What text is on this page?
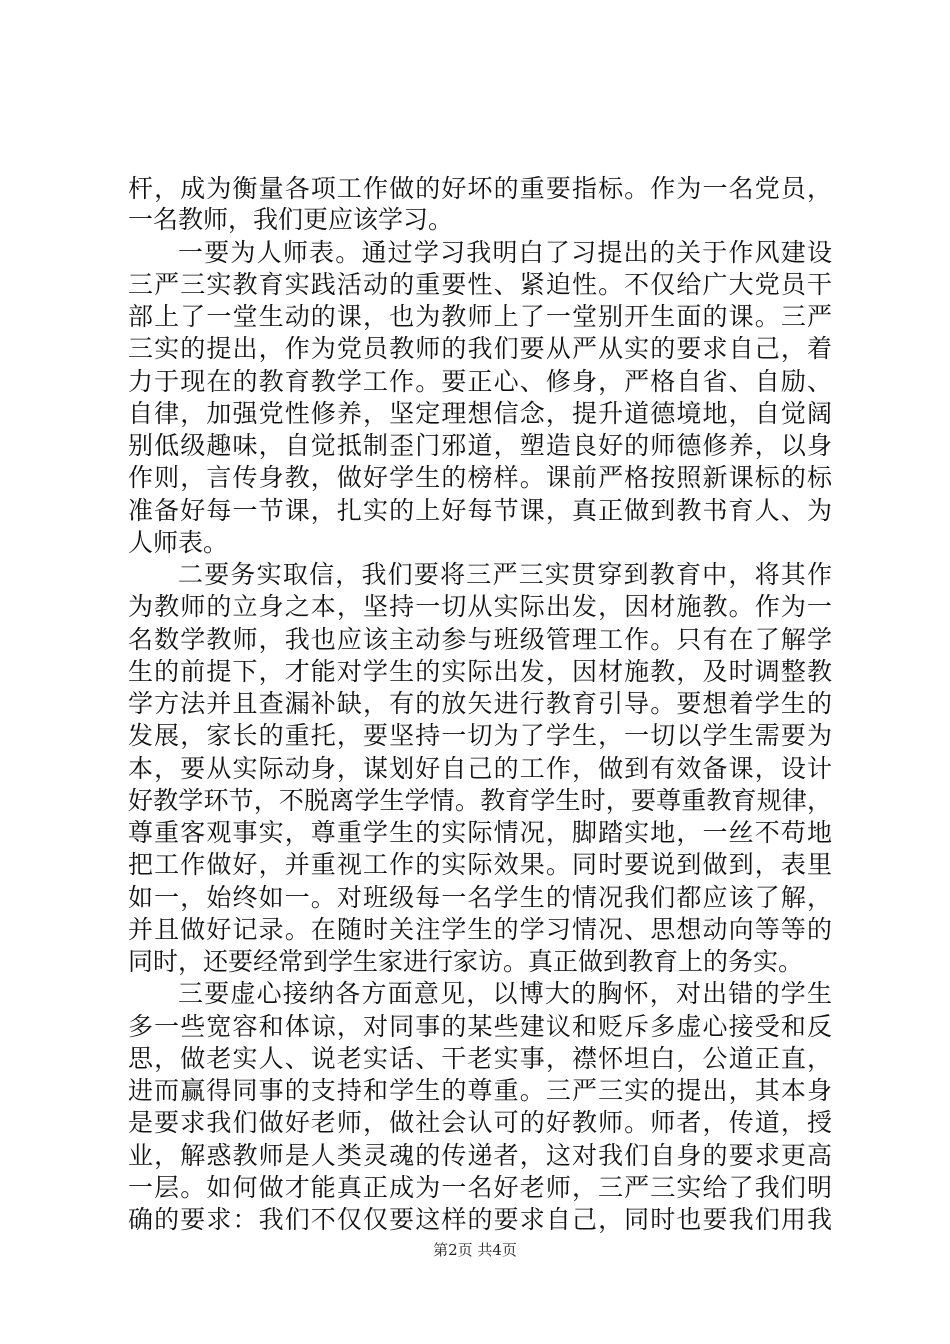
杆，成为衡量各项工作做的好坏的重要指标。作为一名党员，

一名教师，我们更应该学习。

一要为人师表。通过学习我明白了习提出的关于作风建设

三严三实教育实践活动的重要性、紧迫性。不仅给广大党员干

部上了一堂生动的课，也为教师上了一堂别开生面的课。三严

三实的提出，作为党员教师的我们要从严从实的要求自己，着

力于现在的教育教学工作。要正心、修身，严格自省、自励、

自律，加强党性修养，坚定理想信念，提升道德境地，自觉阔

别低级趣味，自觉抵制歪门邪道，塑造良好的师德修养，以身

作则，言传身教，做好学生的榜样。课前严格按照新课标的标

准备好每一节课，扎实的上好每节课，真正做到教书育人、为

人师表。

二要务实取信，我们要将三严三实贯穿到教育中，将其作

为教师的立身之本，坚持一切从实际出发，因材施教。作为一

名数学教师，我也应该主动参与班级管理工作。只有在了解学

生的前提下，才能对学生的实际出发，因材施教，及时调整教

学方法并且查漏补缺，有的放矢进行教育引导。要想着学生的

发展，家长的重托，要坚持一切为了学生，一切以学生需要为

本，要从实际动身，谋划好自己的工作，做到有效备课，设计

好教学环节，不脱离学生学情。教育学生时，要尊重教育规律，

尊重客观事实，尊重学生的实际情况，脚踏实地，一丝不苟地

把工作做好，并重视工作的实际效果。同时要说到做到，表里

如一，始终如一。对班级每一名学生的情况我们都应该了解，

并且做好记录。在随时关注学生的学习情况、思想动向等等的

同时，还要经常到学生家进行家访。真正做到教育上的务实。

三要虚心接纳各方面意见，以博大的胸怀，对出错的学生

多一些宽容和体谅，对同事的某些建议和贬斥多虚心接受和反

思，做老实人、说老实话、干老实事，襟怀坦白，公道正直，

进而赢得同事的支持和学生的尊重。三严三实的提出，其本身

是要求我们做好老师，做社会认可的好教师。师者，传道，授

业，解惑教师是人类灵魂的传递者，这对我们自身的要求更高

一层。如何做才能真正成为一名好老师，三严三实给了我们明

确的要求：我们不仅仅要这样的要求自己，同时也要我们用我

第2页 共4页
